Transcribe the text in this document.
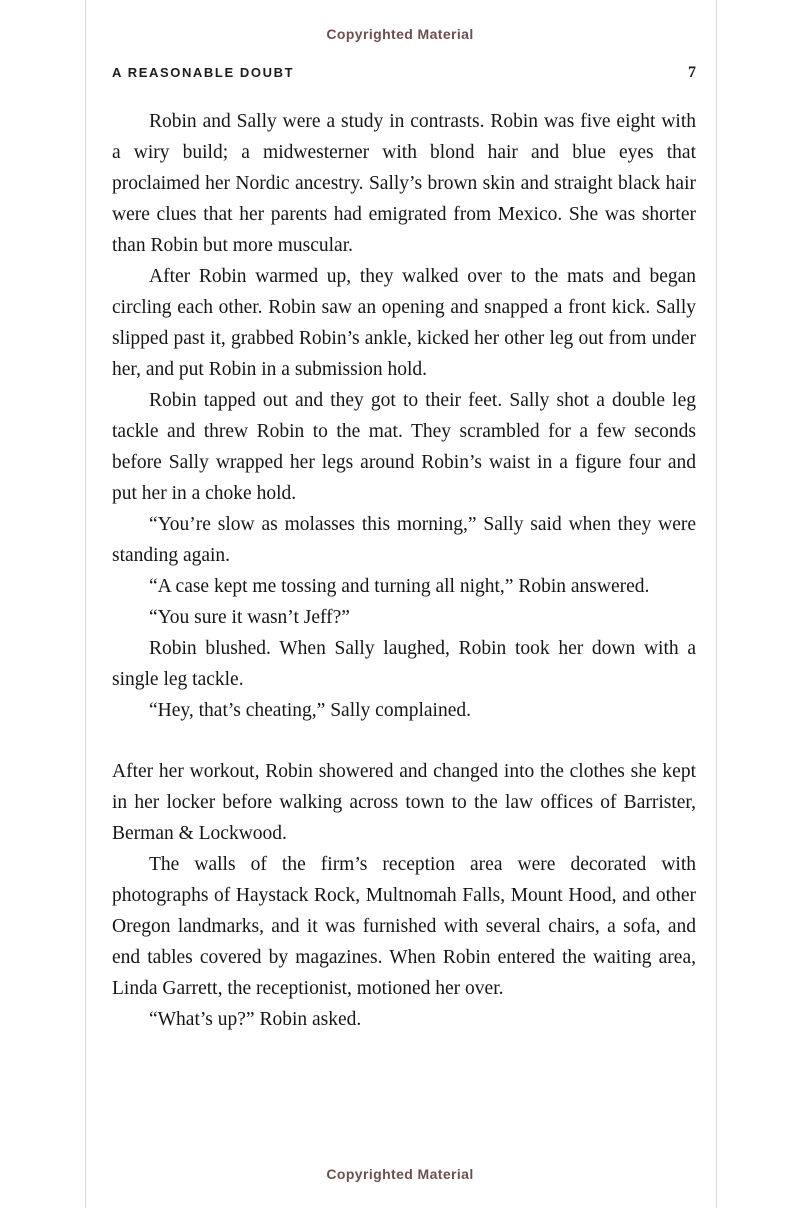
Copyrighted Material
A REASONABLE DOUBT	7

Robin and Sally were a study in contrasts. Robin was five eight with a wiry build; a midwesterner with blond hair and blue eyes that proclaimed her Nordic ancestry. Sally’s brown skin and straight black hair were clues that her parents had emigrated from Mexico. She was shorter than Robin but more muscular.

After Robin warmed up, they walked over to the mats and began circling each other. Robin saw an opening and snapped a front kick. Sally slipped past it, grabbed Robin’s ankle, kicked her other leg out from under her, and put Robin in a submission hold.

Robin tapped out and they got to their feet. Sally shot a double leg tackle and threw Robin to the mat. They scrambled for a few seconds before Sally wrapped her legs around Robin’s waist in a figure four and put her in a choke hold.

“You’re slow as molasses this morning,” Sally said when they were standing again.

“A case kept me tossing and turning all night,” Robin answered.

“You sure it wasn’t Jeff?”

Robin blushed. When Sally laughed, Robin took her down with a single leg tackle.

“Hey, that’s cheating,” Sally complained.

After her workout, Robin showered and changed into the clothes she kept in her locker before walking across town to the law offices of Barrister, Berman & Lockwood.

The walls of the firm’s reception area were decorated with photographs of Haystack Rock, Multnomah Falls, Mount Hood, and other Oregon landmarks, and it was furnished with several chairs, a sofa, and end tables covered by magazines. When Robin entered the waiting area, Linda Garrett, the receptionist, motioned her over.

“What’s up?” Robin asked.

Copyrighted Material
